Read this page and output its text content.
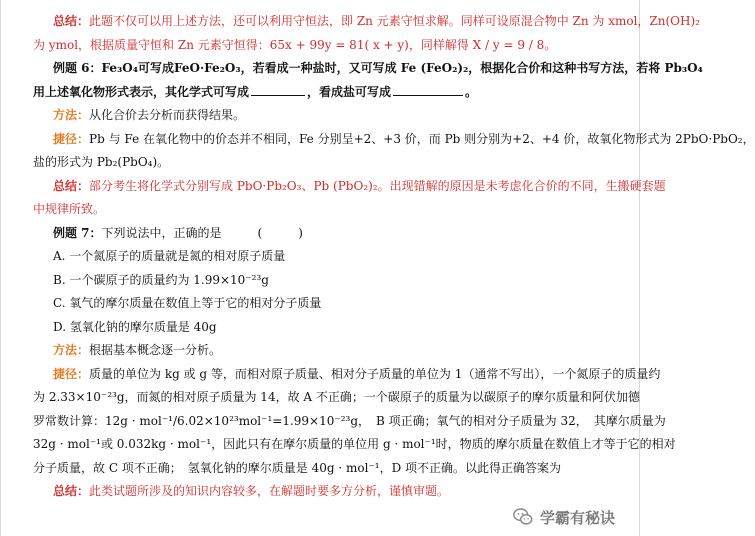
总结：此题不仅可以用上述方法，还可以利用守恒法，即 Zn 元素守恒求解。同样可设原混合物中 Zn 为 xmol，Zn(OH)₂

为 ymol，根据质量守恒和 Zn 元素守恒得：65x + 99y = 81( x + y)，同样解得 X / y = 9 / 8。

例题 6：Fe₃O₄可写成FeO·Fe₂O₃，若看成一种盐时，又可写成 Fe (FeO₂)₂，根据化合价和这种书写方法，若将 Pb₃O₄

用上述氧化物形式表示，其化学式可写成	，看成盐可写成	。

方法：从化合价去分析而获得结果。

捷径：Pb 与 Fe 在氧化物中的价态并不相同，Fe 分别呈+2、+3 价，而 Pb 则分别为+2、+4 价，故氧化物形式为 2PbO·PbO₂，

盐的形式为 Pb₂(PbO₄)。

总结：部分考生将化学式分别写成 PbO·Pb₂O₃、Pb (PbO₂)₂。出现错解的原因是未考虑化合价的不同，生搬硬套题

中规律所致。

例题 7：下列说法中，正确的是　　　(　　　)

A. 一个氮原子的质量就是氮的相对原子质量

B. 一个碳原子的质量约为 1.99×10⁻²³g

C. 氧气的摩尔质量在数值上等于它的相对分子质量

D. 氢氧化钠的摩尔质量是 40g

方法：根据基本概念逐一分析。

捷径：质量的单位为 kg 或 g 等，而相对原子质量、相对分子质量的单位为 1（通常不写出），一个氮原子的质量约

为 2.33×10⁻²³g，而氮的相对原子质量为 14，故 A 不正确；一个碳原子的质量为以碳原子的摩尔质量和阿伏加德

罗常数计算：12g · mol⁻¹/6.02×10²³mol⁻¹=1.99×10⁻²³g，　B 项正确；氧气的相对分子质量为 32，　其摩尔质量为

32g · mol⁻¹或 0.032kg · mol⁻¹，因此只有在摩尔质量的单位用 g · mol⁻¹时，物质的摩尔质量在数值上才等于它的相对

分子质量，故 C 项不正确；　氢氧化钠的摩尔质量是 40g · mol⁻¹，D 项不正确。以此得正确答案为

总结：此类试题所涉及的知识内容较多，在解题时要多方分析，谨慎审题。

学霸有秘诀
